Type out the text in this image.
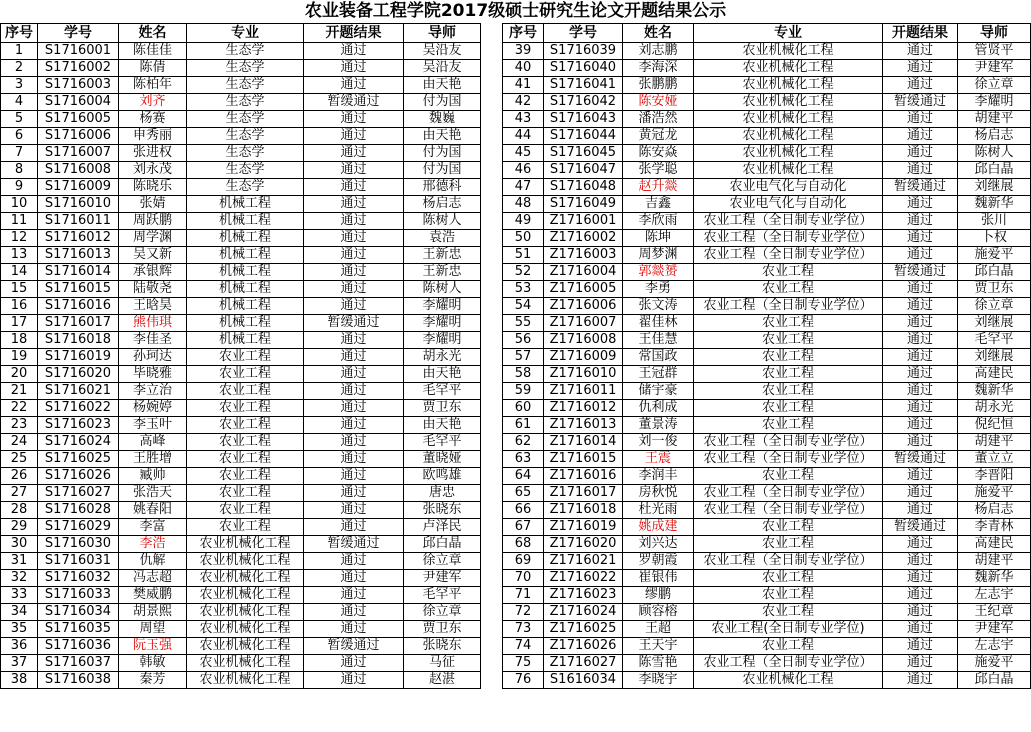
农业装备工程学院2017级硕士研究生论文开题结果公示
序号	学号	姓名	专业	开题结果	导师
1	S1716001	陈佳佳	生态学	通过	吴沿友
2	S1716002	陈倩	生态学	通过	吴沿友
3	S1716003	陈柏年	生态学	通过	由天艳
4	S1716004	刘齐	生态学	暂缓通过	付为国
5	S1716005	杨赛	生态学	通过	魏巍
6	S1716006	申秀丽	生态学	通过	由天艳
7	S1716007	张进权	生态学	通过	付为国
8	S1716008	刘永茂	生态学	通过	付为国
9	S1716009	陈晓乐	生态学	通过	邢德科
10	S1716010	张婧	机械工程	通过	杨启志
11	S1716011	周跃鹏	机械工程	通过	陈树人
12	S1716012	周学渊	机械工程	通过	袁浩
13	S1716013	吴又新	机械工程	通过	王新忠
14	S1716014	承银辉	机械工程	通过	王新忠
15	S1716015	陆敬尧	机械工程	通过	陈树人
16	S1716016	王晗昊	机械工程	通过	李耀明
17	S1716017	熊伟琪	机械工程	暂缓通过	李耀明
18	S1716018	李佳圣	机械工程	通过	李耀明
19	S1716019	孙珂达	农业工程	通过	胡永光
20	S1716020	毕晓雅	农业工程	通过	由天艳
21	S1716021	李立治	农业工程	通过	毛罕平
22	S1716022	杨婉婷	农业工程	通过	贾卫东
23	S1716023	李玉叶	农业工程	通过	由天艳
24	S1716024	高峰	农业工程	通过	毛罕平
25	S1716025	王胜增	农业工程	通过	董晓娅
26	S1716026	臧帅	农业工程	通过	欧鸣雄
27	S1716027	张浩天	农业工程	通过	唐忠
28	S1716028	姚春阳	农业工程	通过	张晓东
29	S1716029	李富	农业工程	通过	卢泽民
30	S1716030	李浩	农业机械化工程	暂缓通过	邱白晶
31	S1716031	仇解	农业机械化工程	通过	徐立章
32	S1716032	冯志超	农业机械化工程	通过	尹建军
33	S1716033	樊威鹏	农业机械化工程	通过	毛罕平
34	S1716034	胡景熙	农业机械化工程	通过	徐立章
35	S1716035	周望	农业机械化工程	通过	贾卫东
36	S1716036	阮玉强	农业机械化工程	暂缓通过	张晓东
37	S1716037	韩敏	农业机械化工程	通过	马征
38	S1716038	秦芳	农业机械化工程	通过	赵湛
序号	学号	姓名	专业	开题结果	导师
39	S1716039	刘志鹏	农业机械化工程	通过	管贤平
40	S1716040	李海深	农业机械化工程	通过	尹建军
41	S1716041	张鹏鹏	农业机械化工程	通过	徐立章
42	S1716042	陈安娅	农业机械化工程	暂缓通过	李耀明
43	S1716043	潘浩然	农业机械化工程	通过	胡建平
44	S1716044	黄冠龙	农业机械化工程	通过	杨启志
45	S1716045	陈安焱	农业机械化工程	通过	陈树人
46	S1716047	张学聪	农业机械化工程	通过	邱白晶
47	S1716048	赵升燚	农业电气化与自动化	暂缓通过	刘继展
48	S1716049	吉鑫	农业电气化与自动化	通过	魏新华
49	Z1716001	李欣雨	农业工程（全日制专业学位）	通过	张川
50	Z1716002	陈坤	农业工程（全日制专业学位）	通过	卜权
51	Z1716003	周梦渊	农业工程（全日制专业学位）	通过	施爱平
52	Z1716004	郭燚赟	农业工程	暂缓通过	邱白晶
53	Z1716005	李勇	农业工程	通过	贾卫东
54	Z1716006	张文涛	农业工程（全日制专业学位）	通过	徐立章
55	Z1716007	翟佳林	农业工程	通过	刘继展
56	Z1716008	王佳慧	农业工程	通过	毛罕平
57	Z1716009	常国政	农业工程	通过	刘继展
58	Z1716010	王冠群	农业工程	通过	高建民
59	Z1716011	储宇豪	农业工程	通过	魏新华
60	Z1716012	仇利成	农业工程	通过	胡永光
61	Z1716013	董景涛	农业工程	通过	倪纪恒
62	Z1716014	刘一俊	农业工程（全日制专业学位）	通过	胡建平
63	Z1716015	王震	农业工程（全日制专业学位）	暂缓通过	董立立
64	Z1716016	李润丰	农业工程	通过	李晋阳
65	Z1716017	房秋悦	农业工程（全日制专业学位）	通过	施爱平
66	Z1716018	杜光雨	农业工程（全日制专业学位）	通过	杨启志
67	Z1716019	姚成建	农业工程	暂缓通过	李青林
68	Z1716020	刘兴达	农业工程	通过	高建民
69	Z1716021	罗朝霞	农业工程（全日制专业学位）	通过	胡建平
70	Z1716022	崔银伟	农业工程	通过	魏新华
71	Z1716023	缪鹏	农业工程	通过	左志宇
72	Z1716024	顾容榕	农业工程	通过	王纪章
73	Z1716025	王超	农业工程(全日制专业学位)	通过	尹建军
74	Z1716026	王天宇	农业工程	通过	左志宇
75	Z1716027	陈雪艳	农业工程（全日制专业学位）	通过	施爱平
76	S1616034	李晓宇	农业机械化工程	通过	邱白晶
